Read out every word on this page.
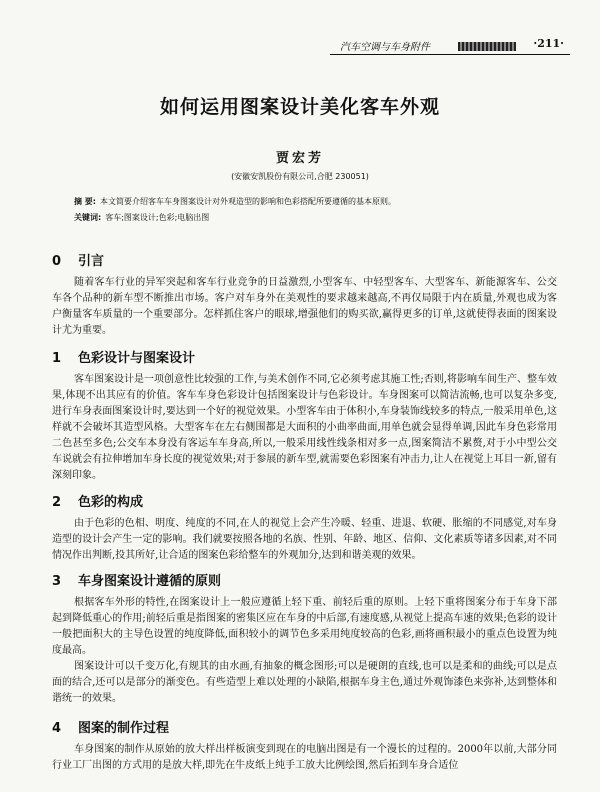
汽车空调与车身附件	·211·
如何运用图案设计美化客车外观
贾宏芳
(安徽安凯股份有限公司,合肥 230051)
摘 要: 本文简要介绍客车车身图案设计对外观造型的影响和色彩搭配所要遵循的基本原则。
关键词: 客车;图案设计;色彩;电脑出图
0 引言

随着客车行业的异军突起和客车行业竞争的日益激烈,小型客车、中轻型客车、大型客车、新能源客车、公交车各个品种的新车型不断推出市场。客户对车身外在美观性的要求越来越高,不再仅局限于内在质量,外观也成为客户衡量客车质量的一个重要部分。怎样抓住客户的眼球,增强他们的购买欲,赢得更多的订单,这就使得表面的图案设计尤为重要。

1 色彩设计与图案设计

客车图案设计是一项创意性比较强的工作,与美术创作不同,它必须考虑其施工性;否则,将影响车间生产、整车效果,体现不出其应有的价值。客车车身色彩设计包括图案设计与色彩设计。车身图案可以简洁流畅,也可以复杂多变,进行车身表面图案设计时,要达到一个好的视觉效果。小型客车由于体积小,车身装饰线较多的特点,一般采用单色,这样就不会破坏其造型风格。大型客车在左右侧围都是大面积的小曲率曲面,用单色就会显得单调,因此车身色彩常用二色甚至多色;公交车本身没有客运车车身高,所以,一般采用线性线条相对多一点,图案简洁不累赘,对于小中型公交车说就会有拉伸增加车身长度的视觉效果;对于参展的新车型,就需要色彩图案有冲击力,让人在视觉上耳目一新,留有深刻印象。

2 色彩的构成

由于色彩的色相、明度、纯度的不同,在人的视觉上会产生冷暖、轻重、进退、软硬、胀缩的不同感觉,对车身造型的设计会产生一定的影响。我们就要按照各地的名族、性别、年龄、地区、信仰、文化素质等诸多因素,对不同情况作出判断,投其所好,让合适的图案色彩给整车的外观加分,达到和谐美观的效果。

3 车身图案设计遵循的原则

根据客车外形的特性,在图案设计上一般应遵循上轻下重、前轻后重的原则。上轻下重将图案分布于车身下部起到降低重心的作用;前轻后重是指图案的密集区应在车身的中后部,有速度感,从视觉上提高车速的效果;色彩的设计一般把面积大的主导色设置的纯度降低,面积较小的调节色多采用纯度较高的色彩,画将画积最小的重点色设置为纯度最高。

图案设计可以千变万化,有规其的由水画,有抽象的概念图形;可以是硬朗的直线,也可以是柔和的曲线;可以是点面的结合,还可以是部分的渐变色。有些造型上难以处理的小缺陷,根据车身主色,通过外观饰漆色来弥补,达到整体和谐统一的效果。

4 图案的制作过程

车身图案的制作从原始的放大样出样板演变到现在的电脑出图是有一个漫长的过程的。2000年以前,大部分同行业工厂出图的方式用的是放大样,即先在牛皮纸上纯手工放大比例绘图,然后拓到车身合适位
